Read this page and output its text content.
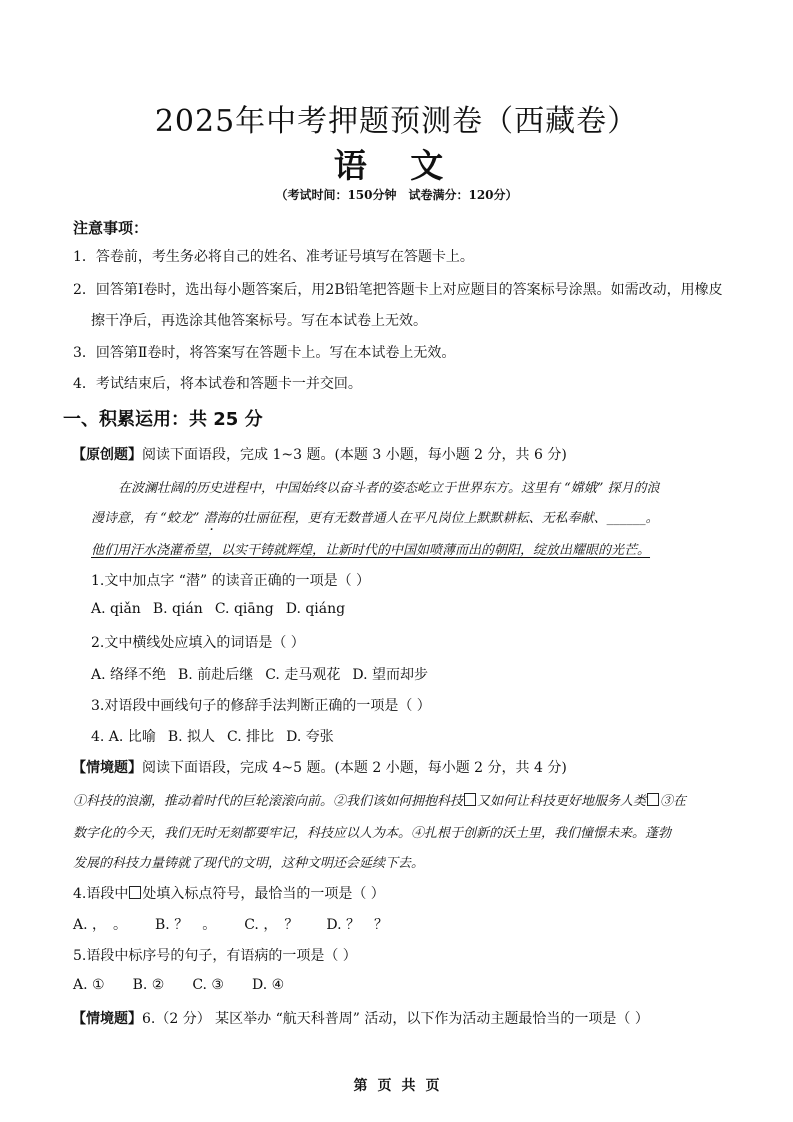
2025年中考押题预测卷（西藏卷）
语 文
（考试时间：150分钟　试卷满分：120分）
注意事项：
1．答卷前，考生务必将自己的姓名、准考证号填写在答题卡上。
2．回答第Ⅰ卷时，选出每小题答案后，用2B铅笔把答题卡上对应题目的答案标号涂黑。如需改动，用橡皮
擦干净后，再选涂其他答案标号。写在本试卷上无效。
3．回答第Ⅱ卷时，将答案写在答题卡上。写在本试卷上无效。
4．考试结束后，将本试卷和答题卡一并交回。
一、积累运用：共 25 分
【原创题】阅读下面语段，完成 1~3 题。(本题 3 小题，每小题 2 分，共 6 分)
在波澜壮阔的历史进程中，中国始终以奋斗者的姿态屹立于世界东方。这里有 “嫦娥” 探月的浪
漫诗意，有 “蛟龙” 潜海的壮丽征程，更有无数普通人在平凡岗位上默默耕耘、无私奉献、______。
他们用汗水浇灌希望，以实干铸就辉煌，让新时代的中国如喷薄而出的朝阳，绽放出耀眼的光芒。
1.文中加点字 “潜” 的读音正确的一项是（ ）
A. qiǎn B. qián C. qiāng D. qiáng
2.文中横线处应填入的词语是（ ）
A. 络绎不绝 B. 前赴后继 C. 走马观花 D. 望而却步
3.对语段中画线句子的修辞手法判断正确的一项是（ ）
4. A. 比喻 B. 拟人 C. 排比 D. 夸张
【情境题】阅读下面语段，完成 4~5 题。(本题 2 小题，每小题 2 分，共 4 分)
①科技的浪潮，推动着时代的巨轮滚滚向前。②我们该如何拥抱科技 又如何让科技更好地服务人类 ③在
数字化的今天，我们无时无刻都要牢记，科技应以人为本。④扎根于创新的沃土里，我们憧憬未来。蓬勃
发展的科技力量铸就了现代的文明，这种文明还会延续下去。
4.语段中 处填入标点符号，最恰当的一项是（ ）
A. ，　。 B. ？　。 C. ，　？ D. ？　？
5.语段中标序号的句子，有语病的一项是（ ）
A. ① B. ② C. ③ D. ④
【情境题】6.（2 分） 某区举办 “航天科普周” 活动，以下作为活动主题最恰当的一项是（ ）
第 页 共 页
